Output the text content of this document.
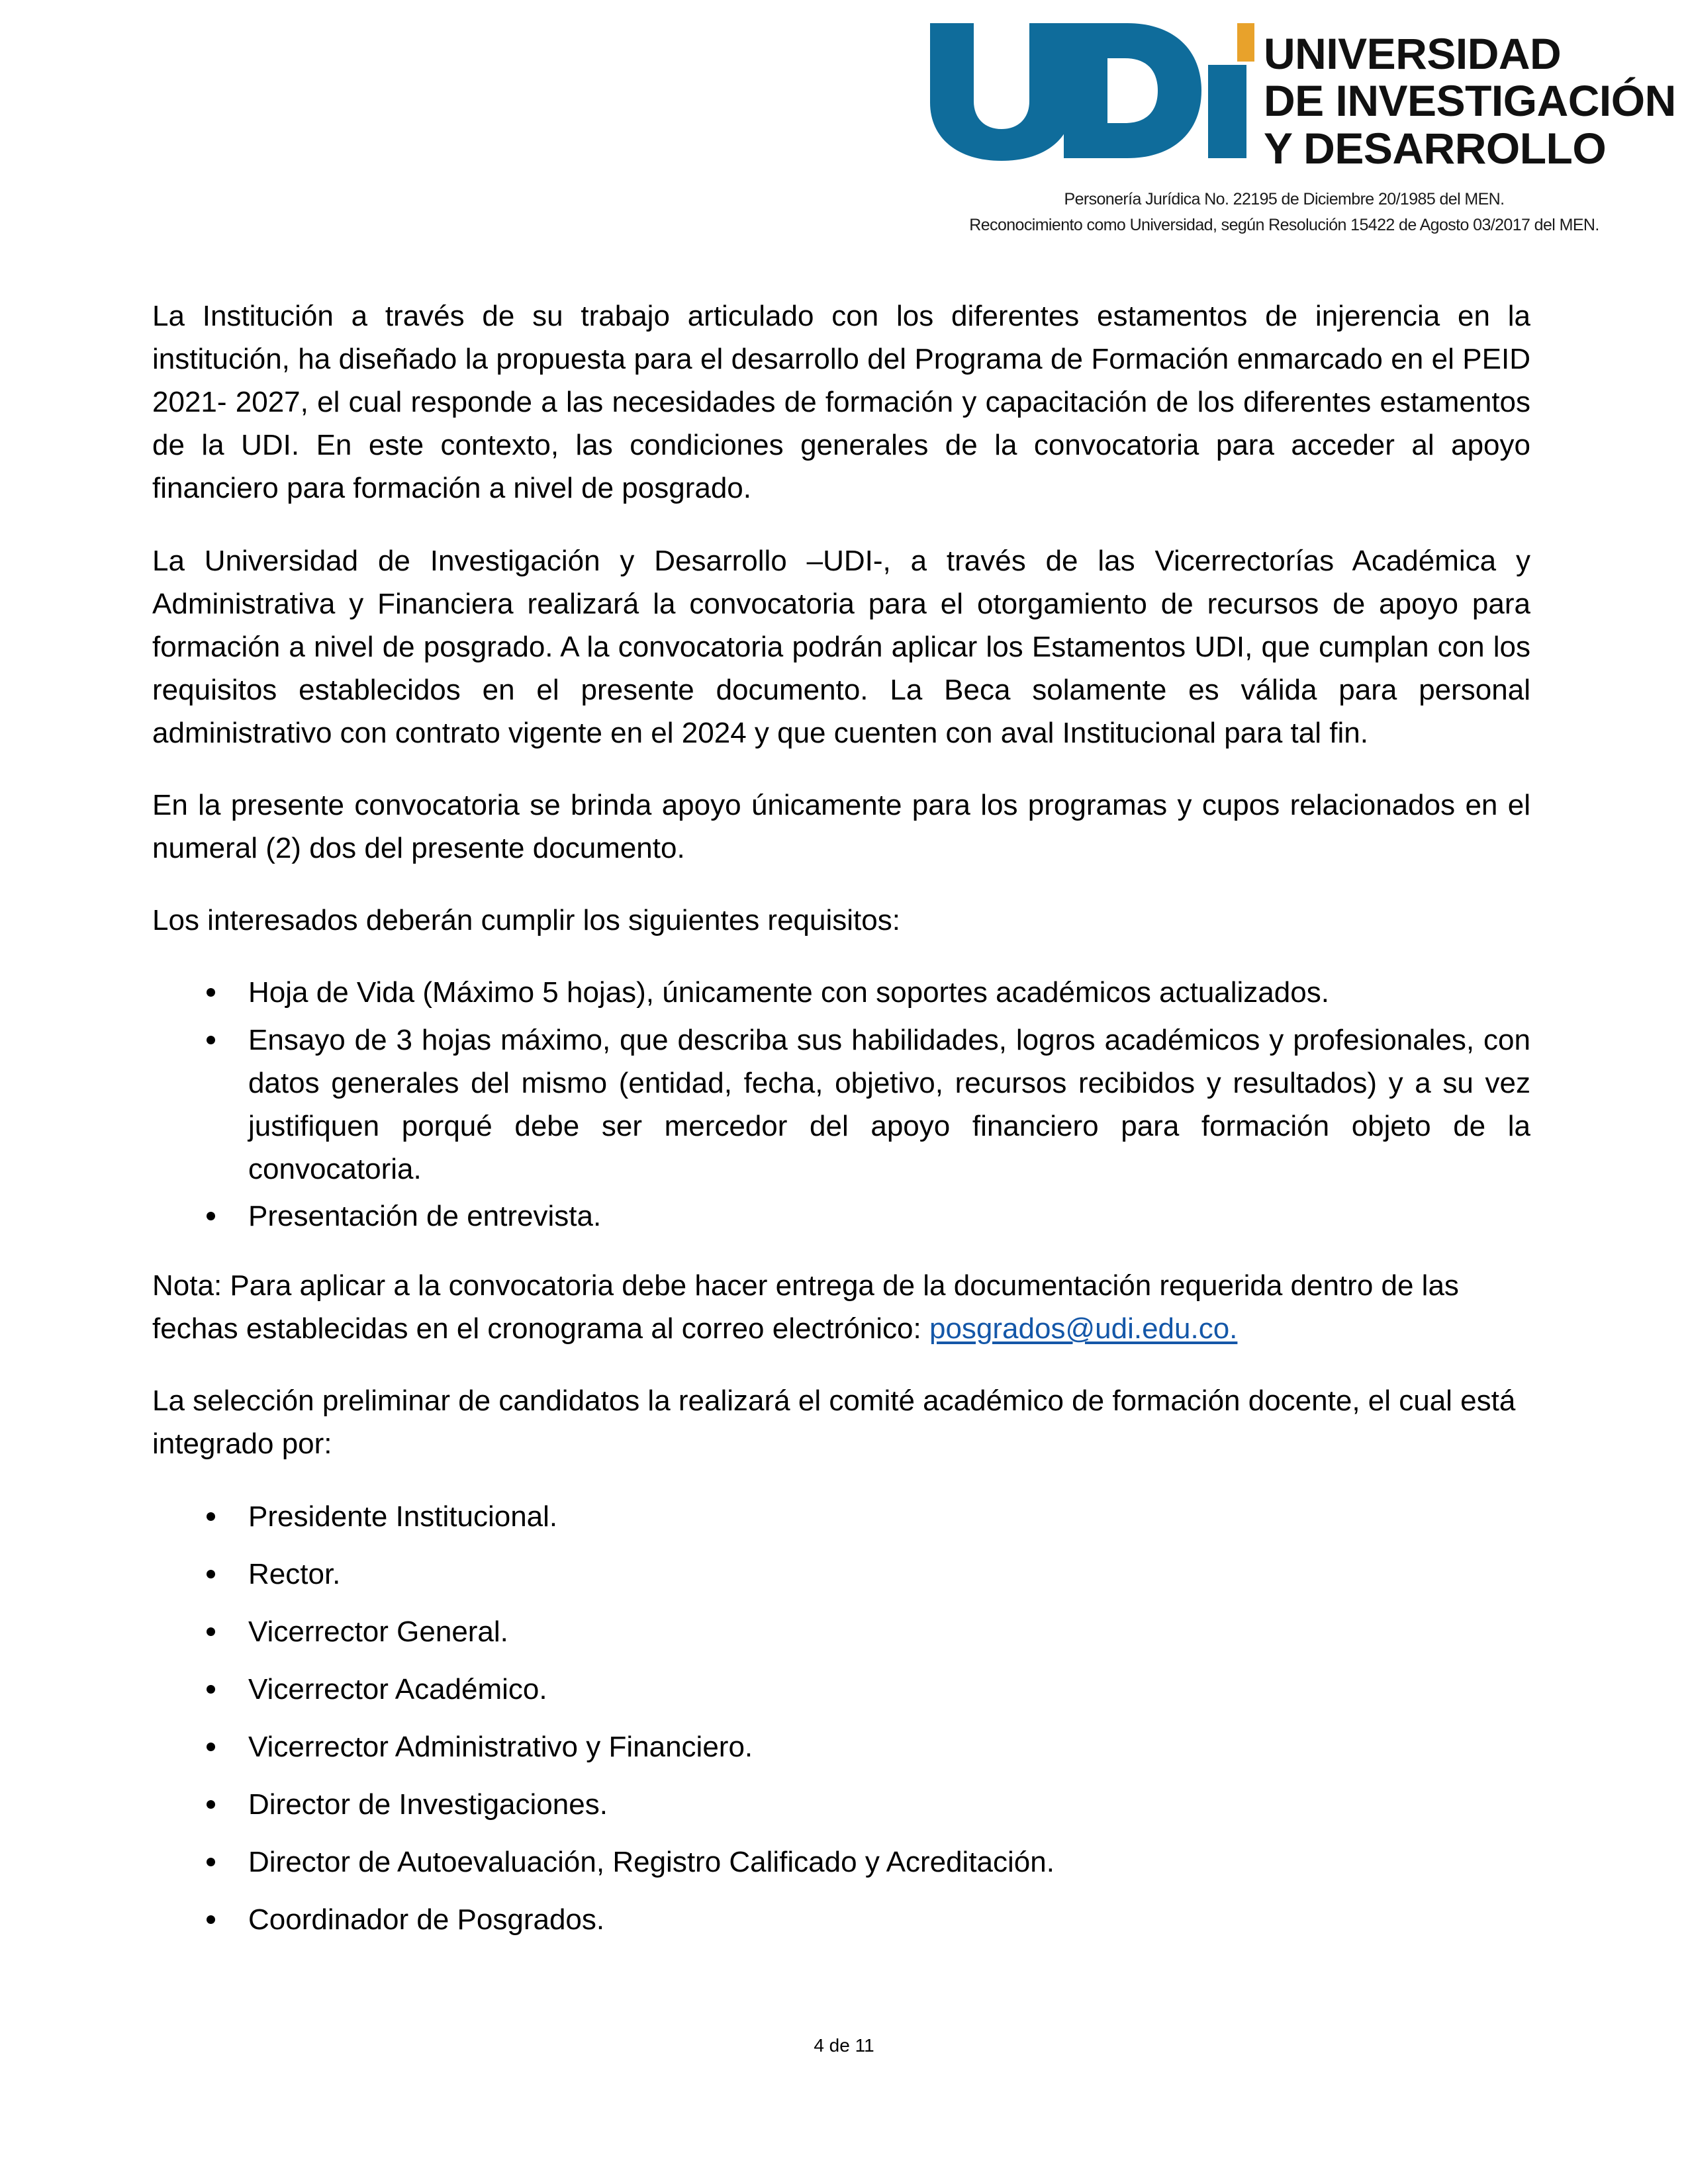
UNIVERSIDAD
DE INVESTIGACIÓN
Y DESARROLLO
Personería Jurídica No. 22195 de Diciembre 20/1985 del MEN.
Reconocimiento como Universidad, según Resolución 15422 de Agosto 03/2017 del MEN.

La Institución a través de su trabajo articulado con los diferentes estamentos de injerencia en la institución, ha diseñado la propuesta para el desarrollo del Programa de Formación enmarcado en el PEID 2021- 2027, el cual responde a las necesidades de formación y capacitación de los diferentes estamentos de la UDI. En este contexto, las condiciones generales de la convocatoria para acceder al apoyo financiero para formación a nivel de posgrado.

La Universidad de Investigación y Desarrollo –UDI-, a través de las Vicerrectorías Académica y Administrativa y Financiera realizará la convocatoria para el otorgamiento de recursos de apoyo para formación a nivel de posgrado. A la convocatoria podrán aplicar los Estamentos UDI, que cumplan con los requisitos establecidos en el presente documento. La Beca solamente es válida para personal administrativo con contrato vigente en el 2024 y que cuenten con aval Institucional para tal fin.

En la presente convocatoria se brinda apoyo únicamente para los programas y cupos relacionados en el numeral (2) dos del presente documento.

Los interesados deberán cumplir los siguientes requisitos:

Hoja de Vida (Máximo 5 hojas), únicamente con soportes académicos actualizados.
Ensayo de 3 hojas máximo, que describa sus habilidades, logros académicos y profesionales, con datos generales del mismo (entidad, fecha, objetivo, recursos recibidos y resultados) y a su vez justifiquen porqué debe ser mercedor del apoyo financiero para formación objeto de la convocatoria.
Presentación de entrevista.

Nota: Para aplicar a la convocatoria debe hacer entrega de la documentación requerida dentro de las fechas establecidas en el cronograma al correo electrónico: posgrados@udi.edu.co.

La selección preliminar de candidatos la realizará el comité académico de formación docente, el cual está integrado por:

Presidente Institucional.
Rector.
Vicerrector General.
Vicerrector Académico.
Vicerrector Administrativo y Financiero.
Director de Investigaciones.
Director de Autoevaluación, Registro Calificado y Acreditación.
Coordinador de Posgrados.
4 de 11
